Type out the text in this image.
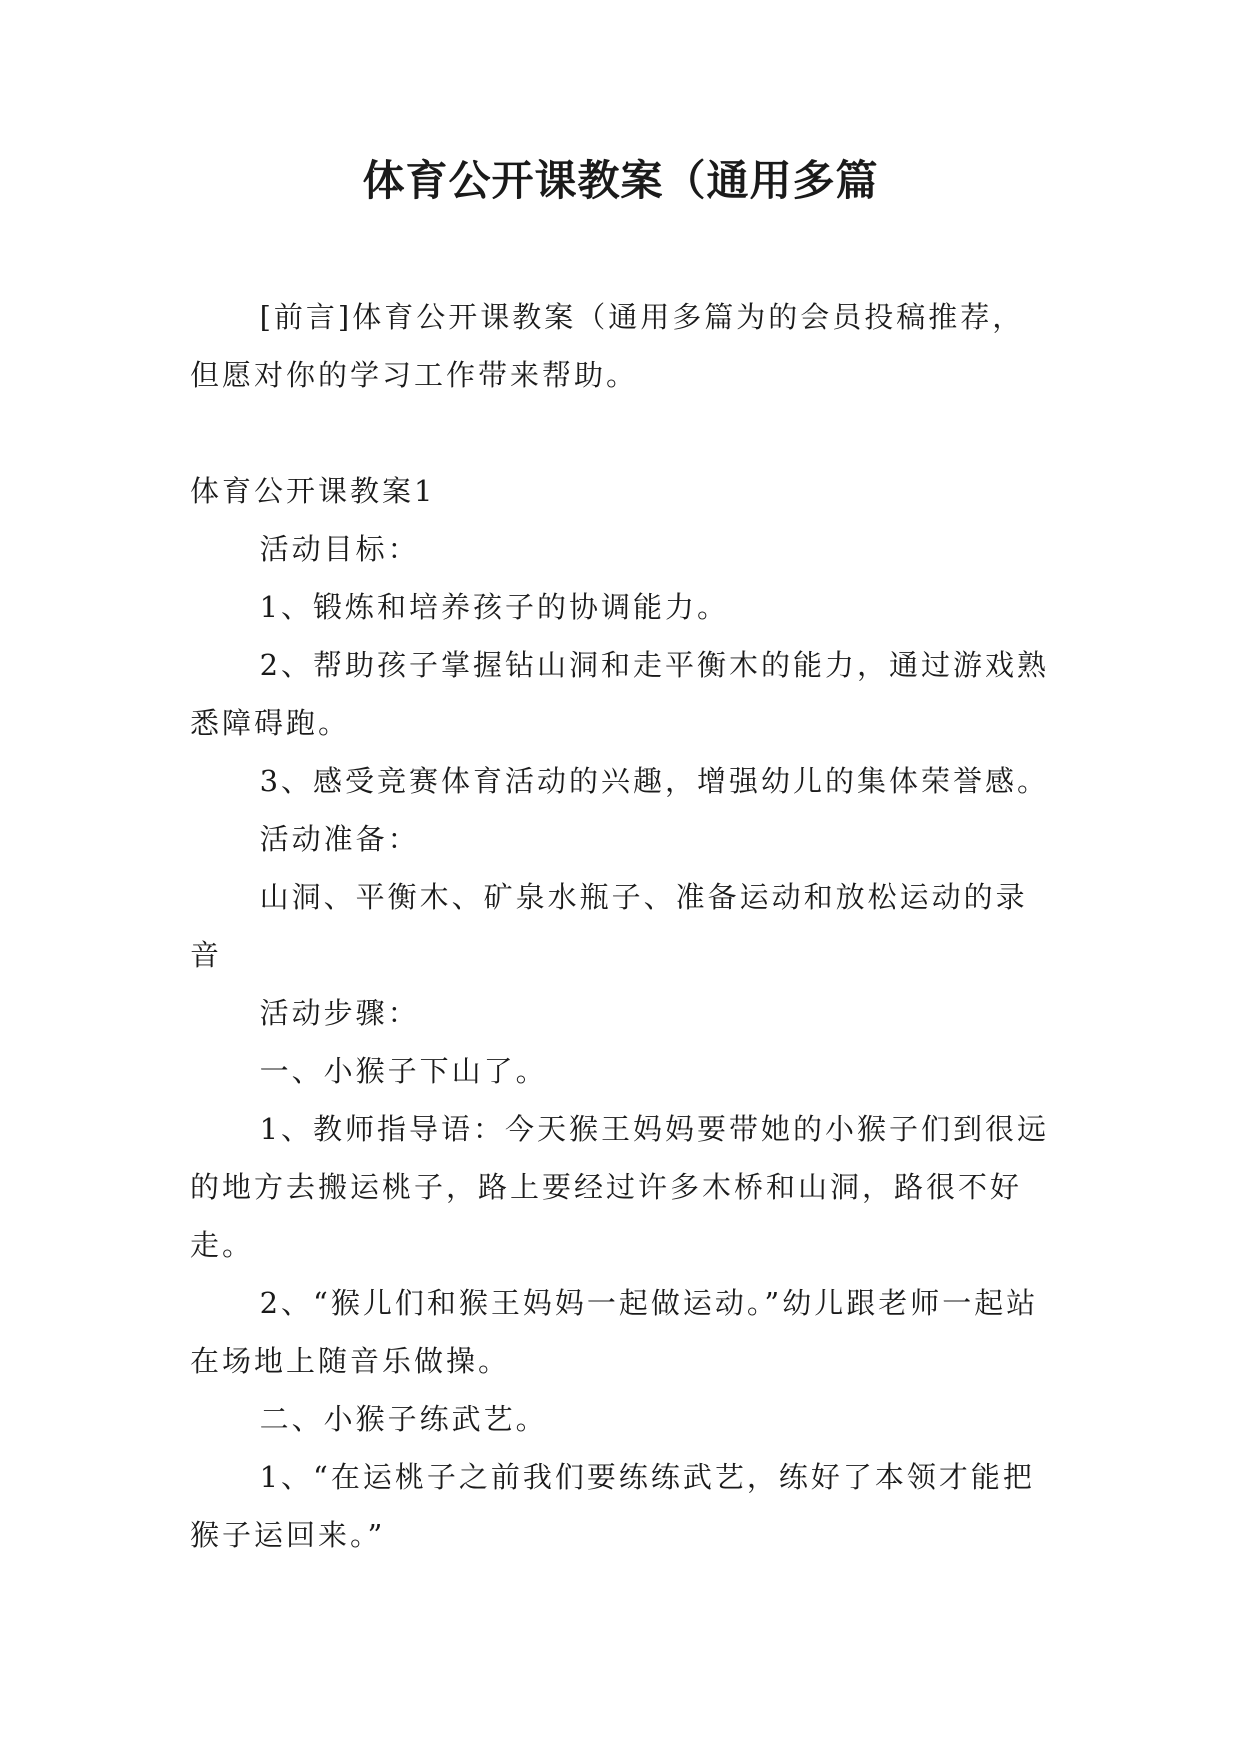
体育公开课教案（通用多篇

[前言]体育公开课教案（通用多篇为的会员投稿推荐，但愿对你的学习工作带来帮助。

体育公开课教案1

活动目标：

1、锻炼和培养孩子的协调能力。

2、帮助孩子掌握钻山洞和走平衡木的能力，通过游戏熟悉障碍跑。

3、感受竞赛体育活动的兴趣，增强幼儿的集体荣誉感。

活动准备：

山洞、平衡木、矿泉水瓶子、准备运动和放松运动的录音

活动步骤：

一、小猴子下山了。

1、教师指导语：今天猴王妈妈要带她的小猴子们到很远的地方去搬运桃子，路上要经过许多木桥和山洞，路很不好走。

2、“猴儿们和猴王妈妈一起做运动。”幼儿跟老师一起站在场地上随音乐做操。

二、小猴子练武艺。

1、“在运桃子之前我们要练练武艺，练好了本领才能把猴子运回来。”
